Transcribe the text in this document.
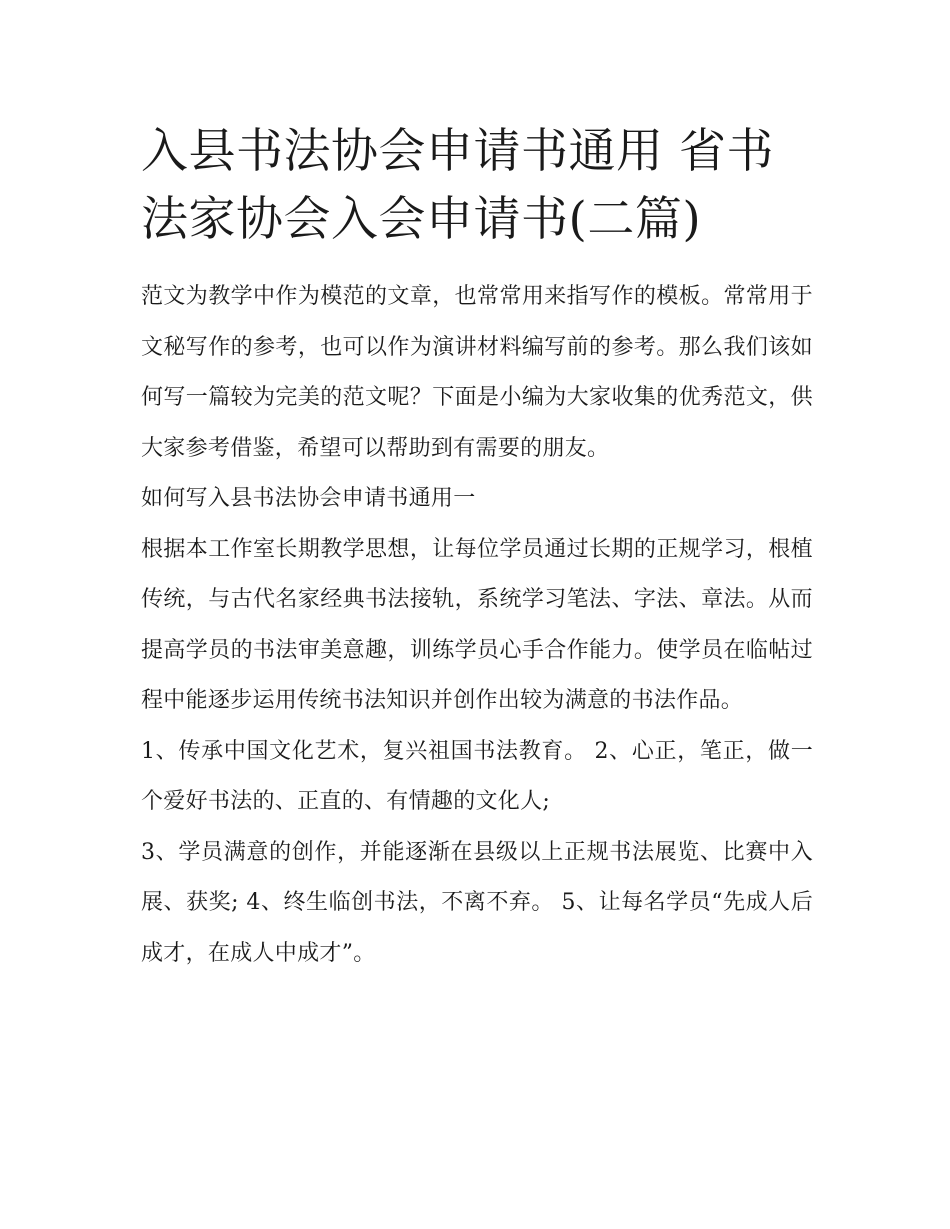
入县书法协会申请书通用 省书法家协会入会申请书(二篇)

范文为教学中作为模范的文章，也常常用来指写作的模板。常常用于文秘写作的参考，也可以作为演讲材料编写前的参考。那么我们该如何写一篇较为完美的范文呢？下面是小编为大家收集的优秀范文，供大家参考借鉴，希望可以帮助到有需要的朋友。

如何写入县书法协会申请书通用一

根据本工作室长期教学思想，让每位学员通过长期的正规学习，根植传统，与古代名家经典书法接轨，系统学习笔法、字法、章法。从而提高学员的书法审美意趣，训练学员心手合作能力。使学员在临帖过程中能逐步运用传统书法知识并创作出较为满意的书法作品。

1、传承中国文化艺术，复兴祖国书法教育。 2、心正，笔正，做一个爱好书法的、正直的、有情趣的文化人;

3、学员满意的创作，并能逐渐在县级以上正规书法展览、比赛中入展、获奖; 4、终生临创书法，不离不弃。 5、让每名学员“先成人后成才，在成人中成才”。
